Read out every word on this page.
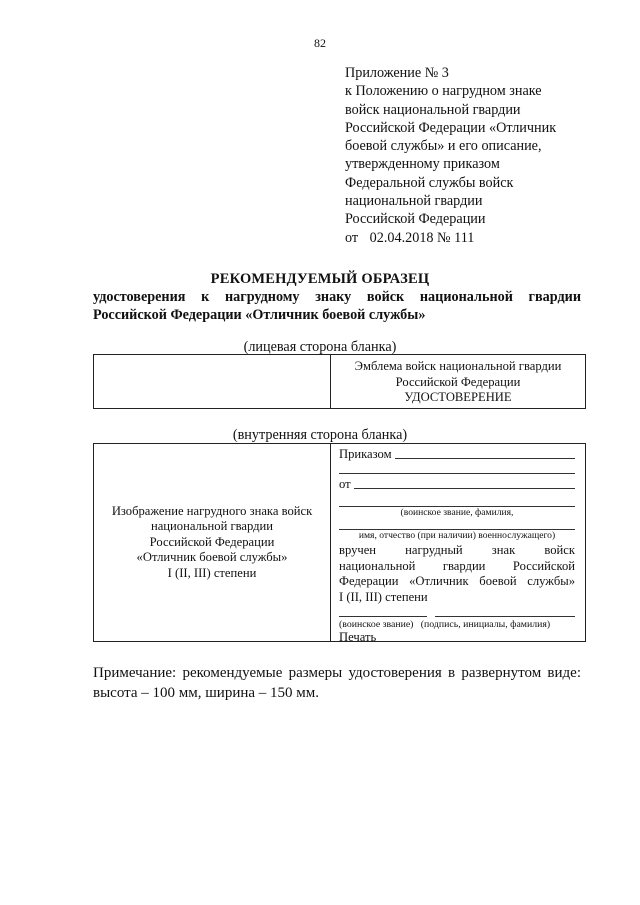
82
Приложение № 3
к Положению о нагрудном знаке
войск национальной гвардии
Российской Федерации «Отличник
боевой службы» и его описание,
утвержденному приказом
Федеральной службы войск
национальной гвардии
Российской Федерации
от 02.04.2018 № 111
РЕКОМЕНДУЕМЫЙ ОБРАЗЕЦ
удостоверения к нагрудному знаку войск национальной гвардии
Российской Федерации «Отличник боевой службы»
(лицевая сторона бланка)

Эмблема войск национальной гвардии
Российской Федерации
УДОСТОВЕРЕНИЕ
(внутренняя сторона бланка)
Изображение нагрудного знака войск
национальной гвардии
Российской Федерации
«Отличник боевой службы»
I (II, III) степени

Приказом
от
(воинское звание, фамилия,
имя, отчество (при наличии) военнослужащего)
вручен нагрудный знак войск
национальной гвардии Российской
Федерации «Отличник боевой службы»
I (II, III) степени
(воинское звание)   (подпись, инициалы, фамилия)
Печать
Примечание: рекомендуемые размеры удостоверения в развернутом виде:
высота – 100 мм, ширина – 150 мм.
